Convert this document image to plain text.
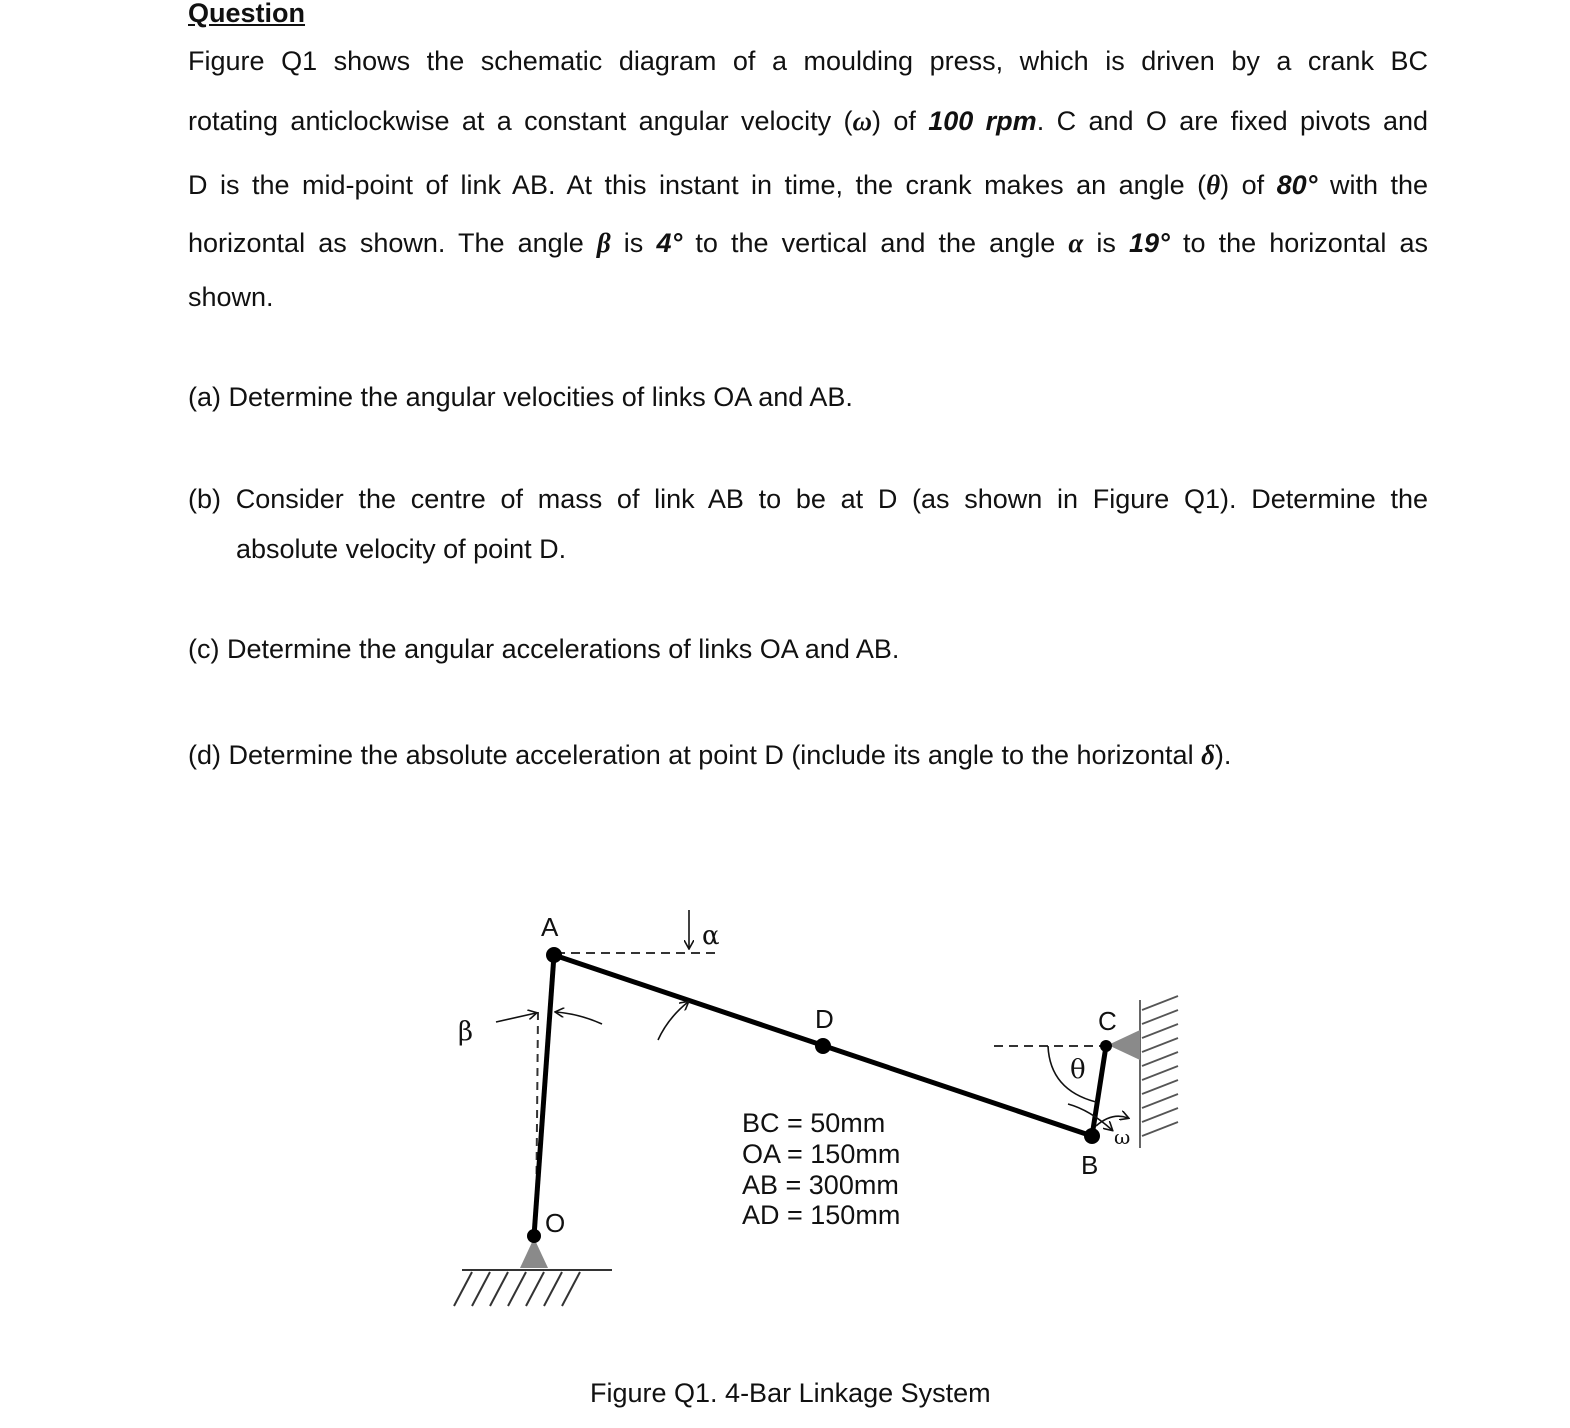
Question

Figure Q1 shows the schematic diagram of a moulding press, which is driven by a crank BC

rotating anticlockwise at a constant angular velocity (ω) of 100 rpm. C and O are fixed pivots and

D is the mid-point of link AB. At this instant in time, the crank makes an angle (θ) of 80° with the

horizontal as shown. The angle β is 4° to the vertical and the angle α is 19° to the horizontal as

shown.

(a) Determine the angular velocities of links OA and AB.

(b) Consider the centre of mass of link AB to be at D (as shown in Figure Q1). Determine the
absolute velocity of point D.

(c) Determine the angular accelerations of links OA and AB.

(d) Determine the absolute acceleration at point D (include its angle to the horizontal δ).

A
D	C
B
O
α
β
θ
ω
BC = 50mm
OA = 150mm
AB = 300mm
AD = 150mm

Figure Q1. 4-Bar Linkage System
